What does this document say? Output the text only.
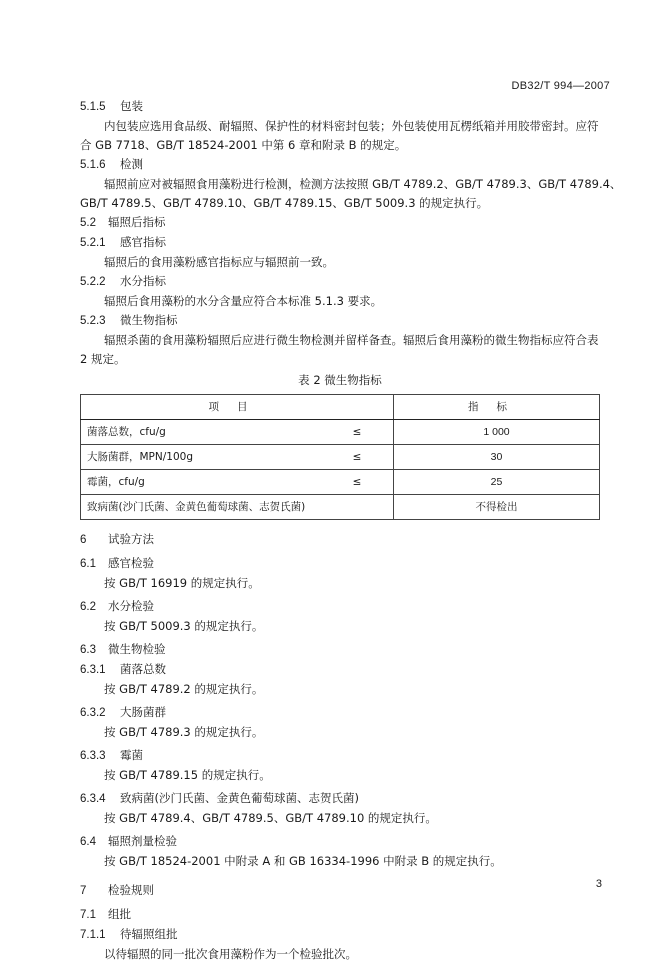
DB32/T 994—2007
5.1.5 包装
内包装应选用食品级、耐辐照、保护性的材料密封包装；外包装使用瓦楞纸箱并用胶带密封。应符
合 GB 7718、GB/T 18524-2001 中第 6 章和附录 B 的规定。
5.1.6 检测
辐照前应对被辐照食用藻粉进行检测，检测方法按照 GB/T 4789.2、GB/T 4789.3、GB/T 4789.4、
GB/T 4789.5、GB/T 4789.10、GB/T 4789.15、GB/T 5009.3 的规定执行。
5.2 辐照后指标
5.2.1 感官指标
辐照后的食用藻粉感官指标应与辐照前一致。
5.2.2 水分指标
辐照后食用藻粉的水分含量应符合本标准 5.1.3 要求。
5.2.3 微生物指标
辐照杀菌的食用藻粉辐照后应进行微生物检测并留样备查。辐照后食用藻粉的微生物指标应符合表
2 规定。
表 2 微生物指标
项目		指标
菌落总数，cfu/g	≤	1 000
大肠菌群，MPN/100g	≤	30
霉菌，cfu/g	≤	25
致病菌(沙门氏菌、金黄色葡萄球菌、志贺氏菌)		不得检出
6 试验方法
6.1 感官检验
按 GB/T 16919 的规定执行。
6.2 水分检验
按 GB/T 5009.3 的规定执行。
6.3 微生物检验
6.3.1 菌落总数
按 GB/T 4789.2 的规定执行。
6.3.2 大肠菌群
按 GB/T 4789.3 的规定执行。
6.3.3 霉菌
按 GB/T 4789.15 的规定执行。
6.3.4 致病菌(沙门氏菌、金黄色葡萄球菌、志贺氏菌)
按 GB/T 4789.4、GB/T 4789.5、GB/T 4789.10 的规定执行。
6.4 辐照剂量检验
按 GB/T 18524-2001 中附录 A 和 GB 16334-1996 中附录 B 的规定执行。
7 检验规则
7.1 组批
7.1.1 待辐照组批
以待辐照的同一批次食用藻粉作为一个检验批次。
3
